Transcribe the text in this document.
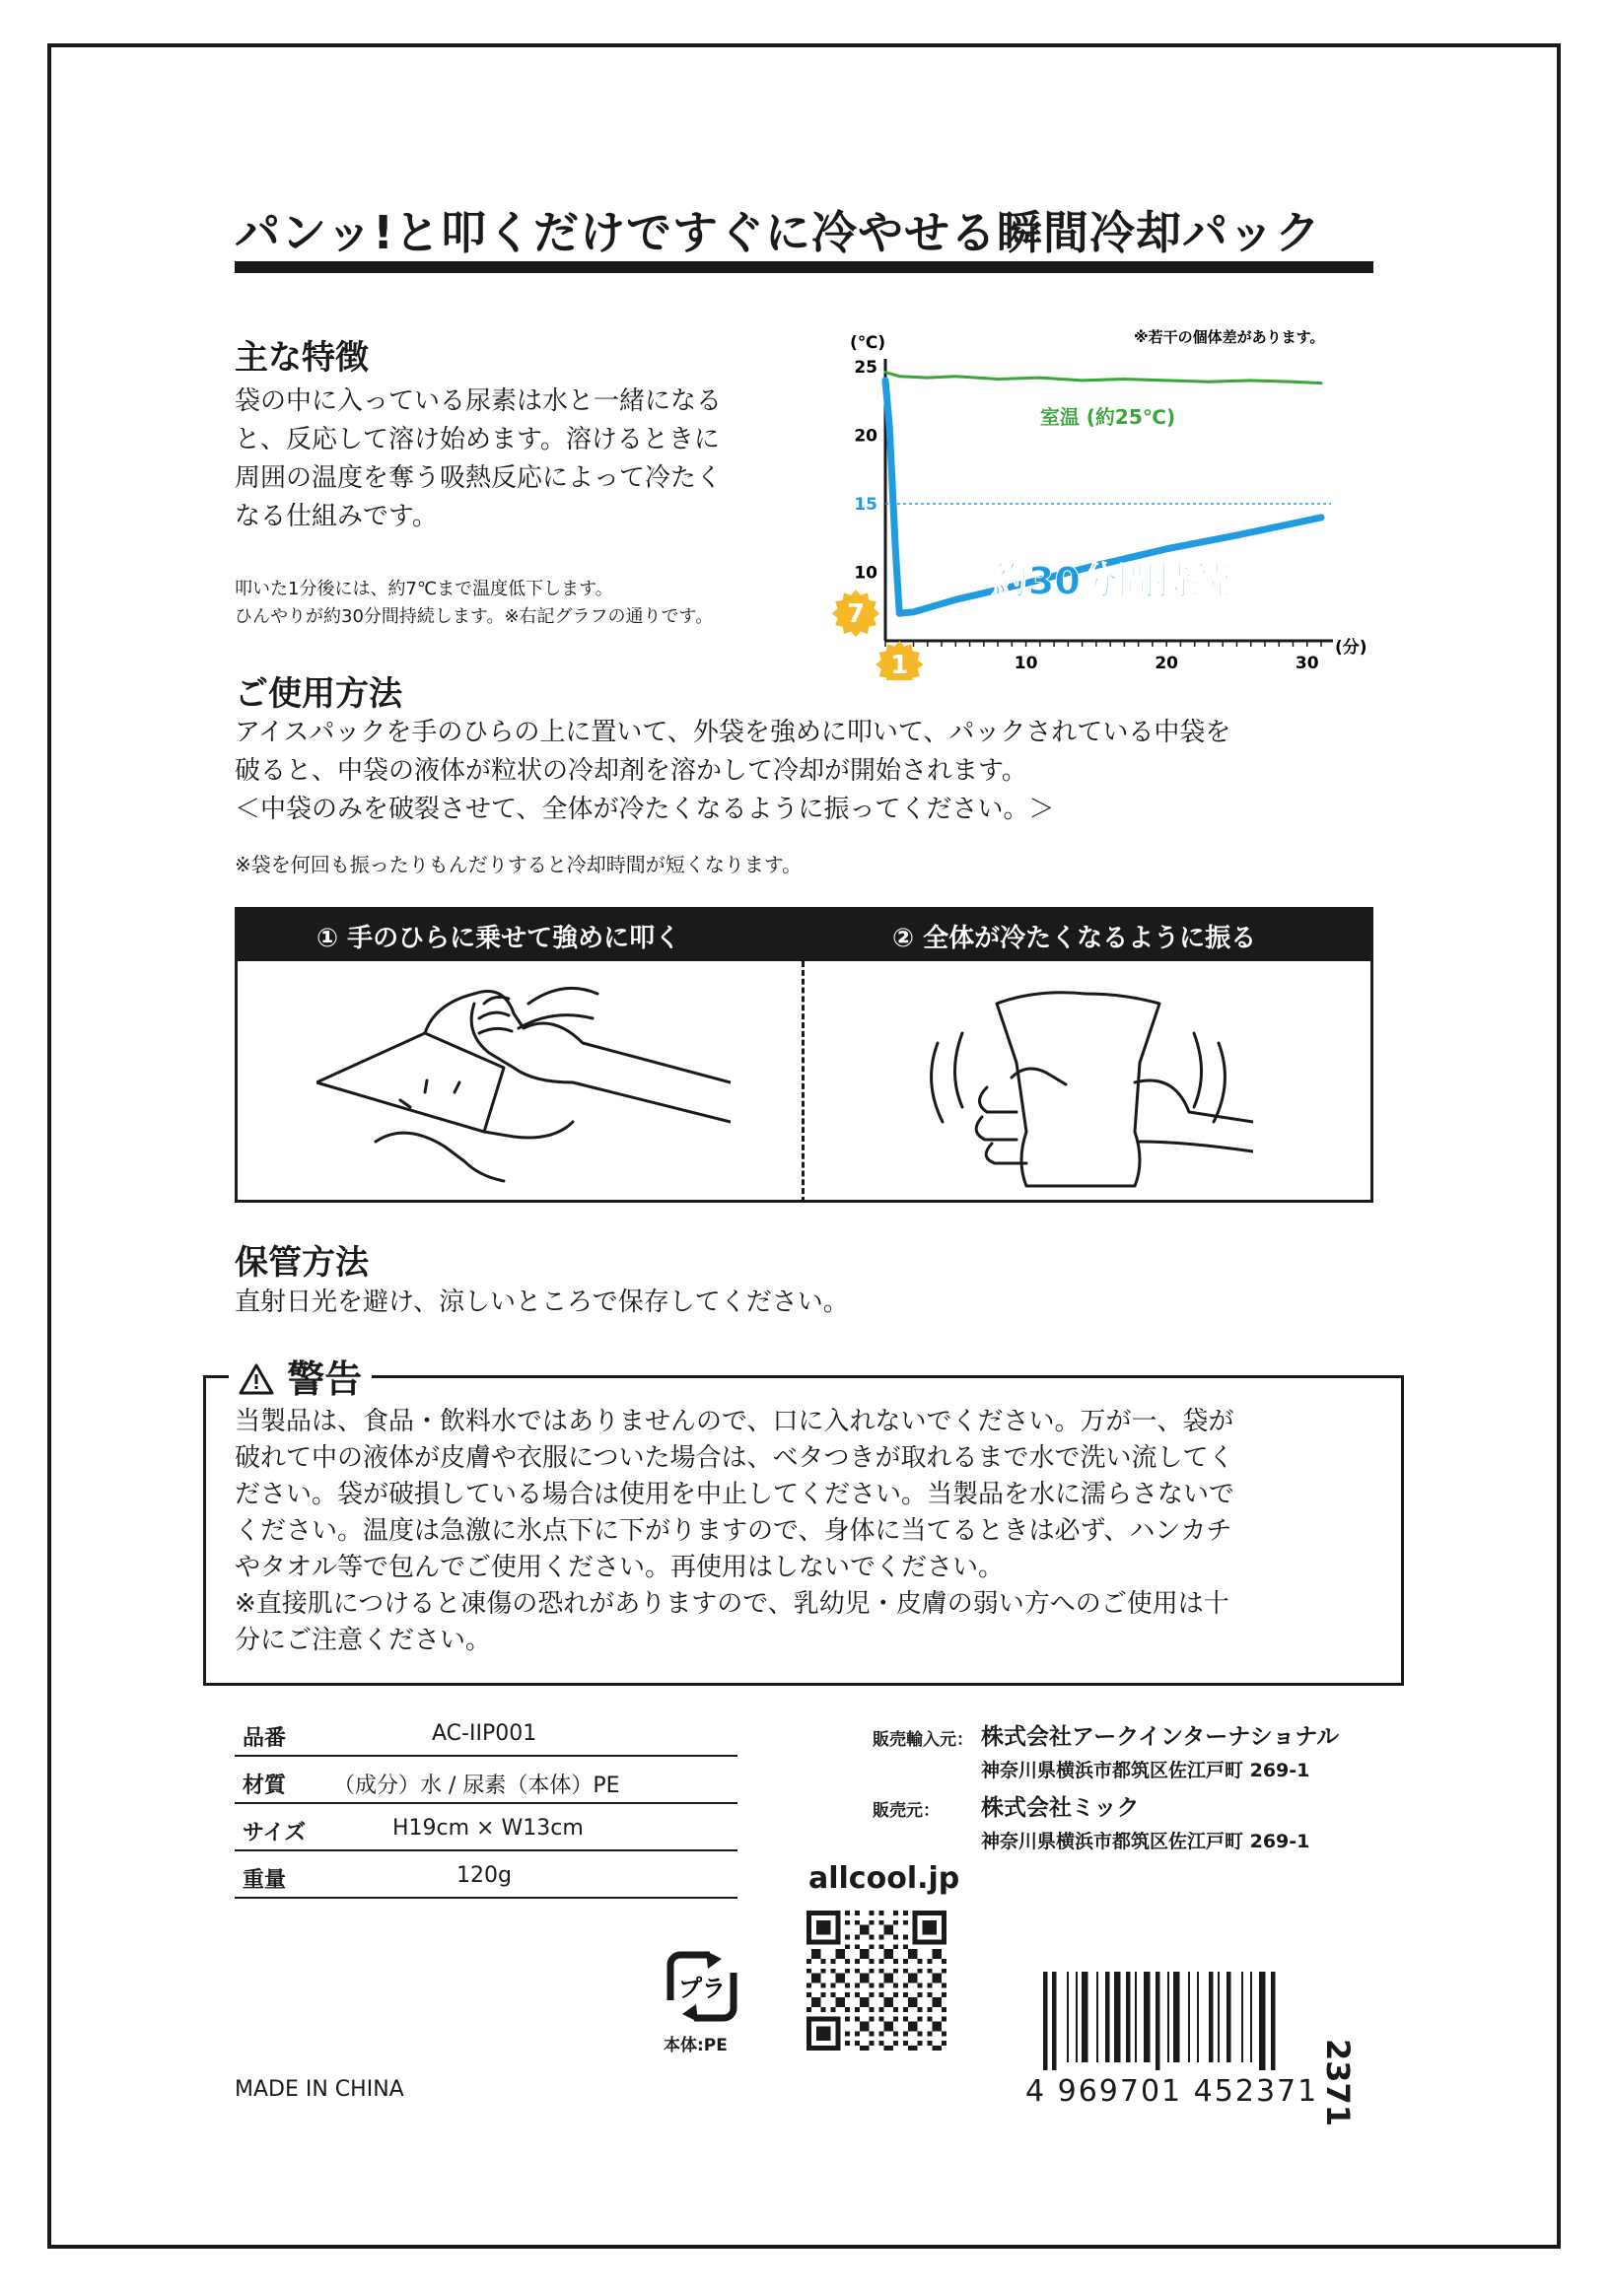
パンッ!と叩くだけですぐに冷やせる瞬間冷却パック
主な特徴
袋の中に入っている尿素は水と一緒になる
と、反応して溶け始めます。溶けるときに
周囲の温度を奪う吸熱反応によって冷たく
なる仕組みです。
叩いた1分後には、約7℃まで温度低下します。
ひんやりが約30分間持続します。※右記グラフの通りです。
※若干の個体差があります。
(℃)
(分)
25
20
15
10
10	20	30
室温 (約25℃)
約30分間持続
7
1
ご使用方法
アイスパックを手のひらの上に置いて、外袋を強めに叩いて、パックされている中袋を
破ると、中袋の液体が粒状の冷却剤を溶かして冷却が開始されます。
＜中袋のみを破裂させて、全体が冷たくなるように振ってください。＞
※袋を何回も振ったりもんだりすると冷却時間が短くなります。
① 手のひらに乗せて強めに叩く	② 全体が冷たくなるように振る
保管方法
直射日光を避け、涼しいところで保存してください。
警告
当製品は、食品・飲料水ではありませんので、口に入れないでください。万が一、袋が
破れて中の液体が皮膚や衣服についた場合は、ベタつきが取れるまで水で洗い流してく
ださい。袋が破損している場合は使用を中止してください。当製品を水に濡らさないで
ください。温度は急激に氷点下に下がりますので、身体に当てるときは必ず、ハンカチ
やタオル等で包んでご使用ください。再使用はしないでください。
※直接肌につけると凍傷の恐れがありますので、乳幼児・皮膚の弱い方へのご使用は十
分にご注意ください。
品番	AC-IIP001
材質 （成分）水 / 尿素（本体）PE
サイズ	H19cm × W13cm
重量	120g
販売輸入元： 株式会社アークインターナショナル
神奈川県横浜市都筑区佐江戸町 269-1
販売元： 株式会社ミック
神奈川県横浜市都筑区佐江戸町 269-1
allcool.jp
プラ
本体:PE
4 969701 452371 2371
MADE IN CHINA
